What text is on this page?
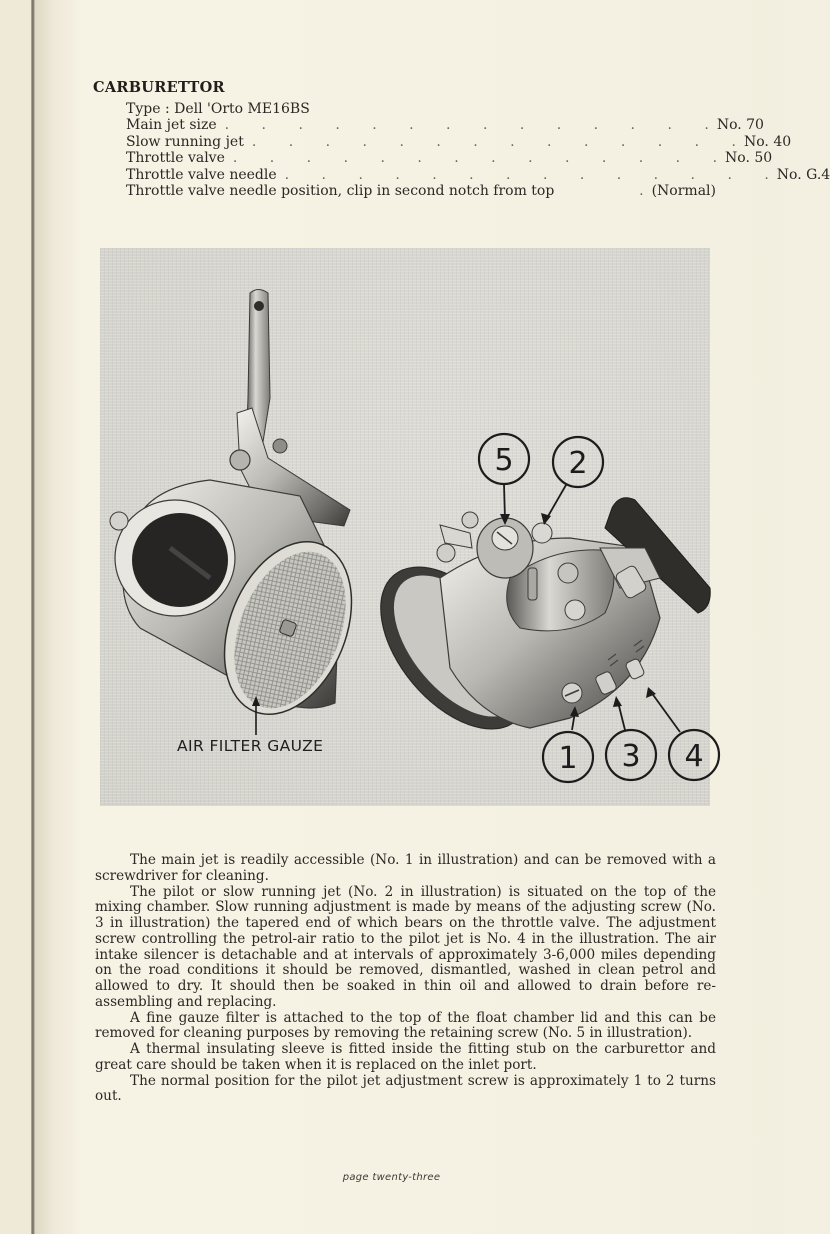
CARBURETTOR
Type : Dell 'Orto ME16BS
Main jet size . . . . . . . . . . . . . . No. 70
Slow running jet . . . . . . . . . . . . . . No. 40
Throttle valve . . . . . . . . . . . . . . No. 50
Throttle valve needle . . . . . . . . . . . . . . No. G.4
Throttle valve needle position, clip in second notch from top	. (Normal)
5 2
1 3 4
AIR FILTER GAUZE

The main jet is readily accessible (No. 1 in illustration) and can be removed with a screwdriver for cleaning.

The pilot or slow running jet (No. 2 in illustration) is situated on the top of the mixing chamber. Slow running adjustment is made by means of the adjusting screw (No. 3 in illustration) the tapered end of which bears on the throttle valve. The adjustment screw controlling the petrol-air ratio to the pilot jet is No. 4 in the illustration. The air intake silencer is detachable and at intervals of approximately 3-6,000 miles depending on the road conditions it should be removed, dismantled, washed in clean petrol and allowed to dry. It should then be soaked in thin oil and allowed to drain before re-assembling and replacing.

A fine gauze filter is attached to the top of the float chamber lid and this can be removed for cleaning purposes by removing the retaining screw (No. 5 in illustration).

A thermal insulating sleeve is fitted inside the fitting stub on the carburettor and great care should be taken when it is replaced on the inlet port.

The normal position for the pilot jet adjustment screw is approximately 1 to 2 turns out.

page twenty-three
